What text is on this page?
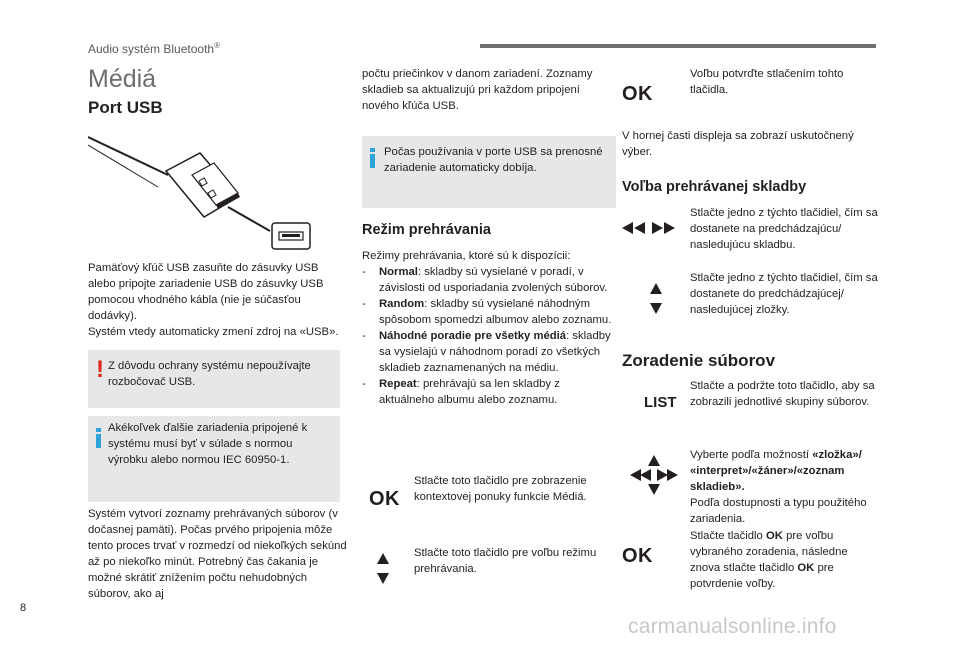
Audio systém Bluetooth®
Médiá
Port USB

Pamäťový kľúč USB zasuňte do zásuvky USB alebo pripojte zariadenie USB do zásuvky USB pomocou vhodného kábla (nie je súčasťou dodávky).

Systém vtedy automaticky zmení zdroj na «USB».

! Z dôvodu ochrany systému nepoužívajte rozbočovač USB.
Akékoľvek ďalšie zariadenia pripojené k systému musí byť v súlade s normou výrobku alebo normou IEC 60950-1.
Systém vytvorí zoznamy prehrávaných súborov (v dočasnej pamäti). Počas prvého pripojenia môže tento proces trvať v rozmedzí od niekoľkých sekúnd až po niekoľko minút. Potrebný čas čakania je možné skrátiť znížením počtu nehudobných súborov, ako aj
počtu priečinkov v danom zariadení. Zoznamy skladieb sa aktualizujú pri každom pripojení nového kľúča USB.
Počas používania v porte USB sa prenosné zariadenie automaticky dobíja.
Režim prehrávania

Režimy prehrávania, ktoré sú k dispozícii:

- Normal: skladby sú vysielané v poradí, v závislosti od usporiadania zvolených súborov.
- Random: skladby sú vysielané náhodným spôsobom spomedzi albumov alebo zoznamu.
- Náhodné poradie pre všetky médiá: skladby sa vysielajú v náhodnom poradí zo všetkých skladieb zaznamenaných na médiu.
- Repeat: prehrávajú sa len skladby z aktuálneho albumu alebo zoznamu.
OK
Stlačte toto tlačidlo pre zobrazenie kontextovej ponuky funkcie Médiá.
Stlačte toto tlačidlo pre voľbu režimu prehrávania.
OK
Voľbu potvrďte stlačením tohto tlačidla.
V hornej časti displeja sa zobrazí uskutočnený výber.
Voľba prehrávanej skladby
Stlačte jedno z týchto tlačidiel, čím sa dostanete na predchádzajúcu/ nasledujúcu skladbu.
Stlačte jedno z týchto tlačidiel, čím sa dostanete do predchádzajúcej/ nasledujúcej zložky.
Zoradenie súborov
LIST
Stlačte a podržte toto tlačidlo, aby sa zobrazili jednotlivé skupiny súborov.
Vyberte podľa možností «zložka»/ «interpret»/«žáner»/«zoznam skladieb».
Podľa dostupnosti a typu použitého zariadenia.
OK
Stlačte tlačidlo OK pre voľbu vybraného zoradenia, následne znova stlačte tlačidlo OK pre potvrdenie voľby.
8
carmanualsonline.info
